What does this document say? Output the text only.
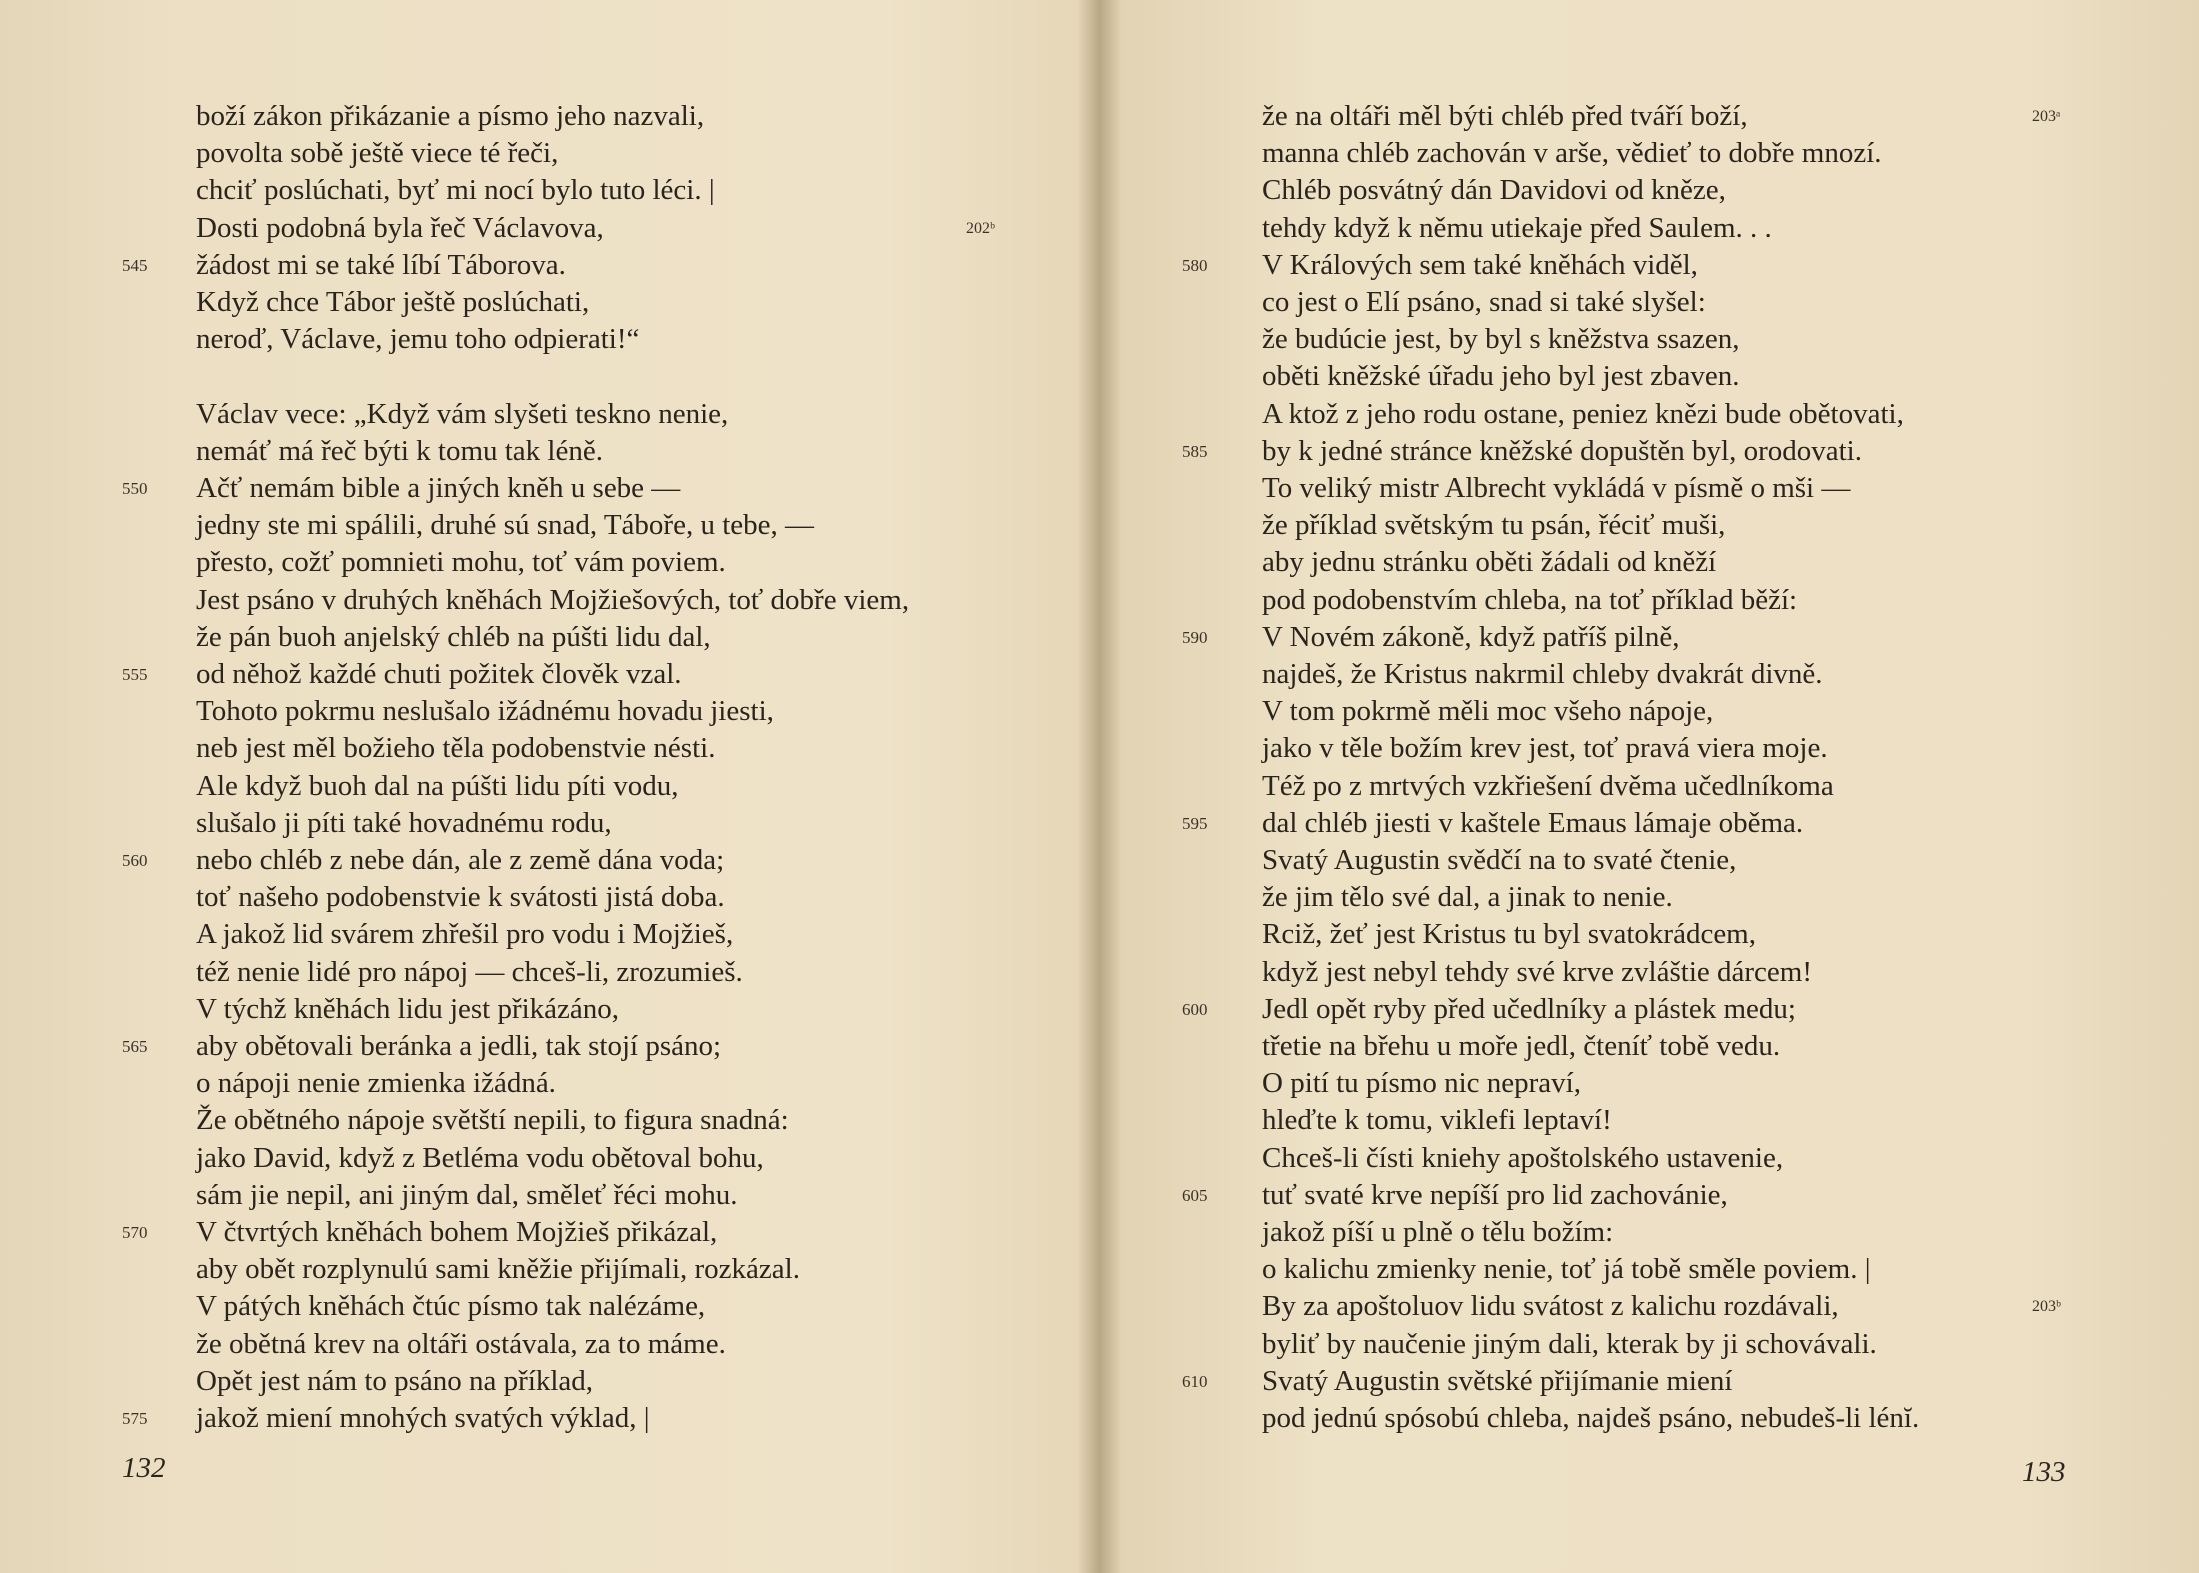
boží zákon přikázanie a písmo jeho nazvali,
povolta sobě ještě viece té řeči,
chciť poslúchati, byť mi nocí bylo tuto léci. |
Dosti podobná byla řeč Václavova,	202ᵇ
žádost mi se také líbí Táborova.
545
Když chce Tábor ještě poslúchati,
neroď, Václave, jemu toho odpierati!“
Václav vece: „Když vám slyšeti teskno nenie,
nemáť má řeč býti k tomu tak léně.
Ačť nemám bible a jiných kněh u sebe —
550
jedny ste mi spálili, druhé sú snad, Táboře, u tebe, —
přesto, cožť pomnieti mohu, toť vám poviem.
Jest psáno v druhých kněhách Mojžiešových, toť dobře viem,
že pán buoh anjelský chléb na púšti lidu dal,
od něhož každé chuti požitek člověk vzal.
555
Tohoto pokrmu neslušalo ižádnému hovadu jiesti,
neb jest měl božieho těla podobenstvie nésti.
Ale když buoh dal na púšti lidu píti vodu,
slušalo ji píti také hovadnému rodu,
nebo chléb z nebe dán, ale z země dána voda;
560
toť našeho podobenstvie k svátosti jistá doba.
A jakož lid svárem zhřešil pro vodu i Mojžieš,
též nenie lidé pro nápoj — chceš-li, zrozumieš.
V týchž kněhách lidu jest přikázáno,
aby obětovali beránka a jedli, tak stojí psáno;
565
o nápoji nenie zmienka ižádná.
Že obětného nápoje světští nepili, to figura snadná:
jako David, když z Betléma vodu obětoval bohu,
sám jie nepil, ani jiným dal, směleť řéci mohu.
V čtvrtých kněhách bohem Mojžieš přikázal,
570
aby obět rozplynulú sami kněžie přijímali, rozkázal.
V pátých kněhách čtúc písmo tak nalézáme,
že obětná krev na oltáři ostávala, za to máme.
Opět jest nám to psáno na příklad,
jakož miení mnohých svatých výklad, |
575
132
že na oltáři měl býti chléb před tváří boží,	203ᵃ
manna chléb zachován v arše, vědieť to dobře mnozí.
Chléb posvátný dán Davidovi od kněze,
tehdy když k němu utiekaje před Saulem. . .
V Králových sem také kněhách viděl,
580
co jest o Elí psáno, snad si také slyšel:
že budúcie jest, by byl s kněžstva ssazen,
oběti kněžské úřadu jeho byl jest zbaven.
A ktož z jeho rodu ostane, peniez knězi bude obětovati,
by k jedné stránce kněžské dopuštěn byl, orodovati.
585
To veliký mistr Albrecht vykládá v písmě o mši —
že příklad světským tu psán, řéciť muši,
aby jednu stránku oběti žádali od kněží
pod podobenstvím chleba, na toť příklad běží:
V Novém zákoně, když patříš pilně,
590
najdeš, že Kristus nakrmil chleby dvakrát divně.
V tom pokrmě měli moc všeho nápoje,
jako v těle božím krev jest, toť pravá viera moje.
Též po z mrtvých vzkřiešení dvěma učedlníkoma
dal chléb jiesti v kaštele Emaus lámaje oběma.
595
Svatý Augustin svědčí na to svaté čtenie,
že jim tělo své dal, a jinak to nenie.
Rciž, žeť jest Kristus tu byl svatokrádcem,
když jest nebyl tehdy své krve zvláštie dárcem!
Jedl opět ryby před učedlníky a plástek medu;
600
třetie na břehu u moře jedl, čteníť tobě vedu.
O pití tu písmo nic nepraví,
hleďte k tomu, viklefi leptaví!
Chceš-li čísti kniehy apoštolského ustavenie,
tuť svaté krve nepíší pro lid zachovánie,
605
jakož píší u plně o tělu božím:
o kalichu zmienky nenie, toť já tobě směle poviem. |
By za apoštoluov lidu svátost z kalichu rozdávali,	203ᵇ
byliť by naučenie jiným dali, kterak by ji schovávali.
Svatý Augustin světské přijímanie miení
610
pod jednú spósobú chleba, najdeš psáno, nebudeš-li lénĭ.
133
